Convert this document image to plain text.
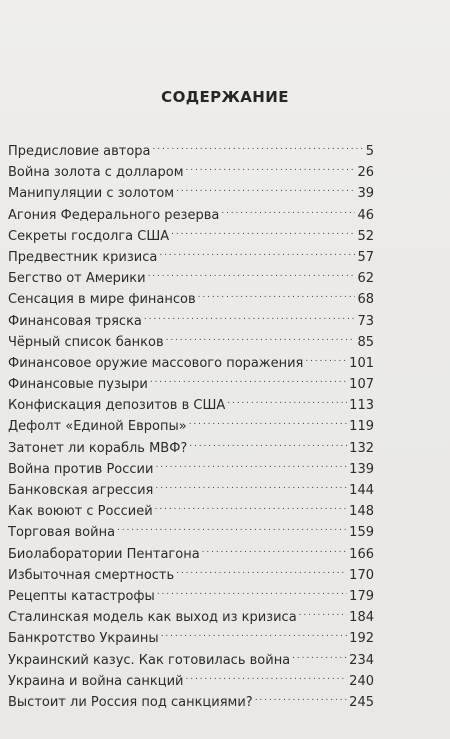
СОДЕРЖАНИЕ
Предисловие автора . . .	5
Война золота с долларом . . .	26
Манипуляции с золотом . . .	39
Агония Федерального резерва . . .	46
Секреты госдолга США . . .	52
Предвестник кризиса . . .	57
Бегство от Америки . . .	62
Сенсация в мире финансов . . .	68
Финансовая тряска . . .	73
Чёрный список банков . . .	85
Финансовое оружие массового поражения . . .	101
Финансовые пузыри . . .	107
Конфискация депозитов в США . . .	113
Дефолт «Единой Европы» . . .	119
Затонет ли корабль МВФ? . . .	132
Война против России . . .	139
Банковская агрессия . . .	144
Как воюют с Россией . . .	148
Торговая война . . .	159
Биолаборатории Пентагона . . .	166
Избыточная смертность . . .	170
Рецепты катастрофы . . .	179
Сталинская модель как выход из кризиса . . .	184
Банкротство Украины . . .	192
Украинский казус. Как готовилась война . . .	234
Украина и война санкций . . .	240
Выстоит ли Россия под санкциями? . . .	245
